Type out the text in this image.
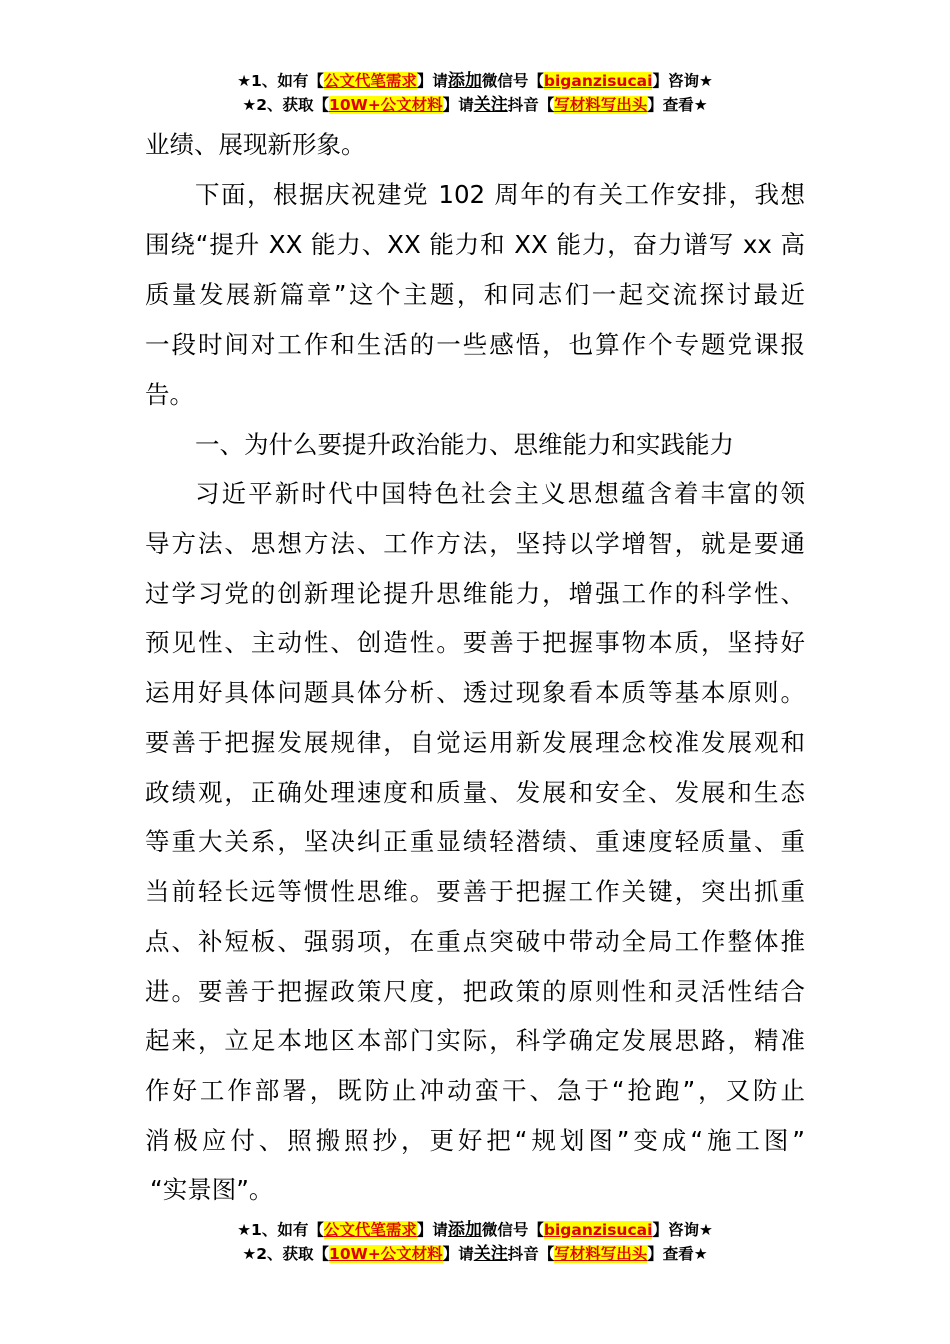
★1、如有【公文代笔需求】请添加微信号【biganzisucai】咨询★
★2、获取【10W+公文材料】请关注抖音【写材料写出头】查看★
业绩、展现新形象。
下面，根据庆祝建党 102 周年的有关工作安排，我想
围绕“提升 XX 能力、XX 能力和 XX 能力，奋力谱写 xx 高
质量发展新篇章”这个主题，和同志们一起交流探讨最近
一段时间对工作和生活的一些感悟，也算作个专题党课报
告。
一、为什么要提升政治能力、思维能力和实践能力
习近平新时代中国特色社会主义思想蕴含着丰富的领
导方法、思想方法、工作方法，坚持以学增智，就是要通
过学习党的创新理论提升思维能力，增强工作的科学性、
预见性、主动性、创造性。要善于把握事物本质，坚持好
运用好具体问题具体分析、透过现象看本质等基本原则。
要善于把握发展规律，自觉运用新发展理念校准发展观和
政绩观，正确处理速度和质量、发展和安全、发展和生态
等重大关系，坚决纠正重显绩轻潜绩、重速度轻质量、重
当前轻长远等惯性思维。要善于把握工作关键，突出抓重
点、补短板、强弱项，在重点突破中带动全局工作整体推
进。要善于把握政策尺度，把政策的原则性和灵活性结合
起来，立足本地区本部门实际，科学确定发展思路，精准
作好工作部署，既防止冲动蛮干、急于“抢跑”，又防止
消极应付、照搬照抄，更好把“规划图”变成“施工图”
“实景图”。
★1、如有【公文代笔需求】请添加微信号【biganzisucai】咨询★
★2、获取【10W+公文材料】请关注抖音【写材料写出头】查看★
